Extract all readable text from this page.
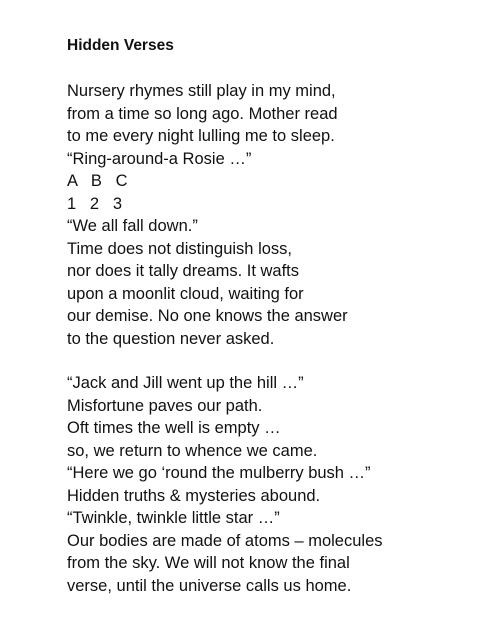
Hidden Verses
Nursery rhymes still play in my mind,
from a time so long ago. Mother read
to me every night lulling me to sleep.
“Ring-around-a Rosie …”
A   B   C
1   2   3
“We all fall down.”
Time does not distinguish loss,
nor does it tally dreams. It wafts
upon a moonlit cloud, waiting for
our demise. No one knows the answer
to the question never asked.
“Jack and Jill went up the hill …”
Misfortune paves our path.
Oft times the well is empty …
so, we return to whence we came.
“Here we go ‘round the mulberry bush …”
Hidden truths & mysteries abound.
“Twinkle, twinkle little star …”
Our bodies are made of atoms – molecules
from the sky. We will not know the final
verse, until the universe calls us home.
